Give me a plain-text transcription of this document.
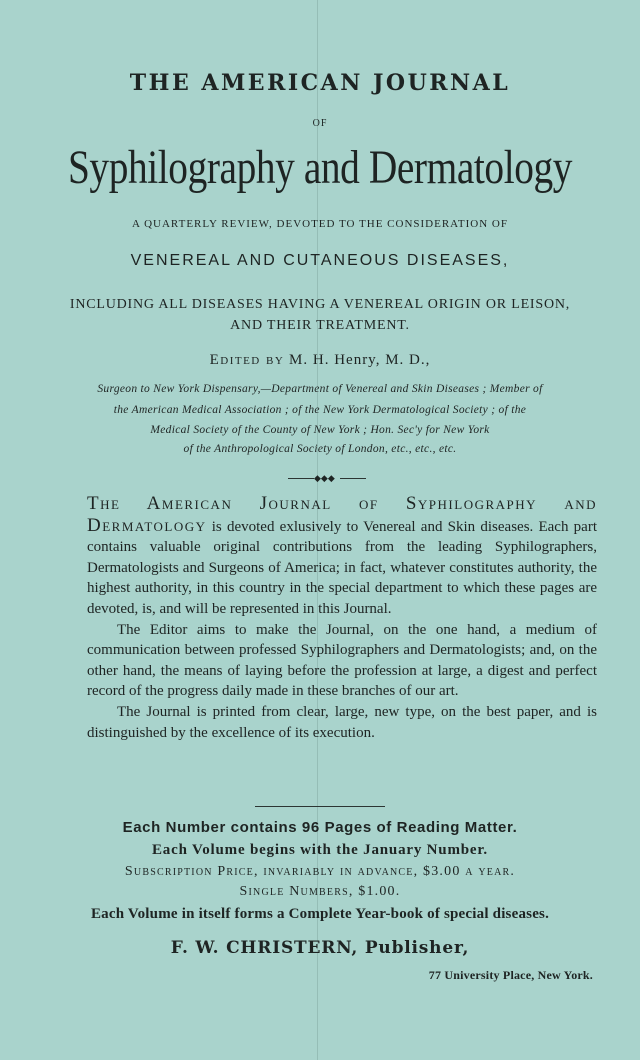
THE AMERICAN JOURNAL
OF
Syphilography and Dermatology
A QUARTERLY REVIEW, DEVOTED TO THE CONSIDERATION OF
VENEREAL AND CUTANEOUS DISEASES,
INCLUDING ALL DISEASES HAVING A VENEREAL ORIGIN OR LEISON,
AND THEIR TREATMENT.
Edited by M. H. Henry, M. D.,
Surgeon to New York Dispensary,—Department of Venereal and Skin Diseases ; Member of
the American Medical Association ; of the New York Dermatological Society ; of the
Medical Society of the County of New York ; Hon. Sec'y for New York
of the Anthropological Society of London, etc., etc., etc.
◆◆◆

The American Journal of Syphilography and Dermatology is devoted exlusively to Venereal and Skin diseases. Each part contains valuable original contributions from the leading Syphilographers, Dermatologists and Surgeons of America; in fact, whatever constitutes authority, the highest authority, in this country in the special department to which these pages are devoted, is, and will be represented in this Journal.

The Editor aims to make the Journal, on the one hand, a medium of communication between professed Syphilographers and Dermatologists; and, on the other hand, the means of laying before the profession at large, a digest and perfect record of the progress daily made in these branches of our art.

The Journal is printed from clear, large, new type, on the best paper, and is distinguished by the excellence of its execution.

Each Number contains 96 Pages of Reading Matter.
Each Volume begins with the January Number.
Subscription Price, invariably in advance, $3.00 a year.
Single Numbers, $1.00.
Each Volume in itself forms a Complete Year-book of special diseases.
F. W. CHRISTERN, Publisher,
77 University Place, New York.
